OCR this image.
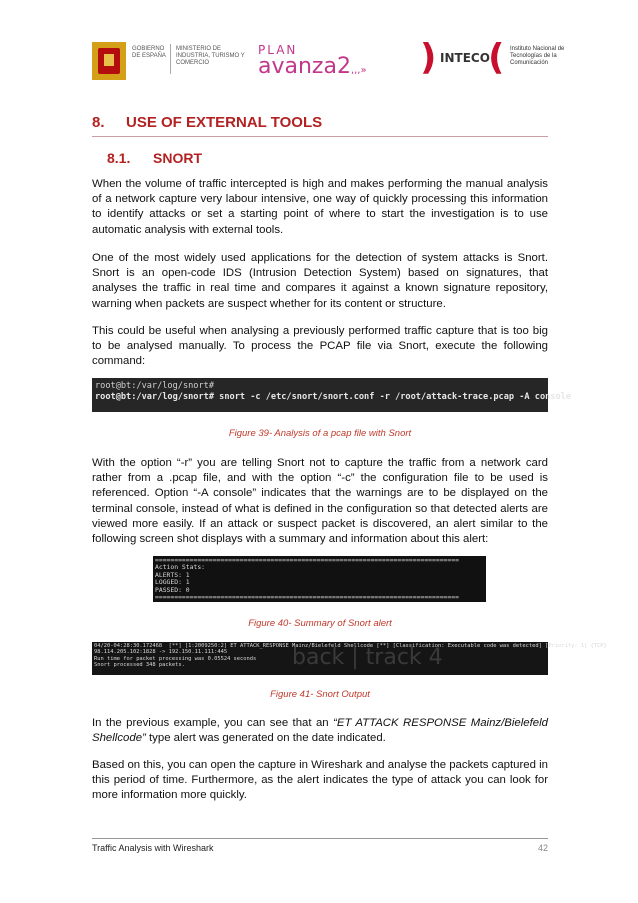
GOBIERNO DE ESPAÑA
MINISTERIO DE INDUSTRIA, TURISMO Y COMERCIO
PLAN
avanza2,,,» ) INTECO
( Instituto Nacional de Tecnologías de la Comunicación
8. USE OF EXTERNAL TOOLS
8.1. SNORT

When the volume of traffic intercepted is high and makes performing the manual analysis of a network capture very labour intensive, one way of quickly processing this information to identify attacks or set a starting point of where to start the investigation is to use automatic analysis with external tools.

One of the most widely used applications for the detection of system attacks is Snort. Snort is an open-code IDS (Intrusion Detection System) based on signatures, that analyses the traffic in real time and compares it against a known signature repository, warning when packets are suspect whether for its content or structure.

This could be useful when analysing a previously performed traffic capture that is too big to be analysed manually. To process the PCAP file via Snort, execute the following command:

root@bt:/var/log/snort#
root@bt:/var/log/snort# snort -c /etc/snort/snort.conf -r /root/attack-trace.pcap -A console
Figure 39- Analysis of a pcap file with Snort

With the option “-r” you are telling Snort not to capture the traffic from a network card rather from a .pcap file, and with the option “-c” the configuration file to be used is referenced. Option “-A console” indicates that the warnings are to be displayed on the terminal console, instead of what is defined in the configuration so that detected alerts are viewed more easily. If an attack or suspect packet is discovered, an alert similar to the following screen shot displays with a summary and information about this alert:

===============================================================================
Action Stats:
ALERTS: 1
LOGGED: 1
PASSED: 0
===============================================================================
Figure 40- Summary of Snort alert
back | track 4
04/20-04:28:30.172468  [**] [1:2009250:2] ET ATTACK_RESPONSE Mainz/Bielefeld Shellcode [**] [Classification: Executable code was detected] [Priority: 1] {TCP}
98.114.205.102:1828 -> 192.150.11.111:445
Run time for packet processing was 0.05524 seconds
Snort processed 348 packets.
Figure 41- Snort Output

In the previous example, you can see that an “ET ATTACK RESPONSE Mainz/Bielefeld Shellcode” type alert was generated on the date indicated.

Based on this, you can open the capture in Wireshark and analyse the packets captured in this period of time. Furthermore, as the alert indicates the type of attack you can look for more information more quickly.

Traffic Analysis with Wireshark	42
